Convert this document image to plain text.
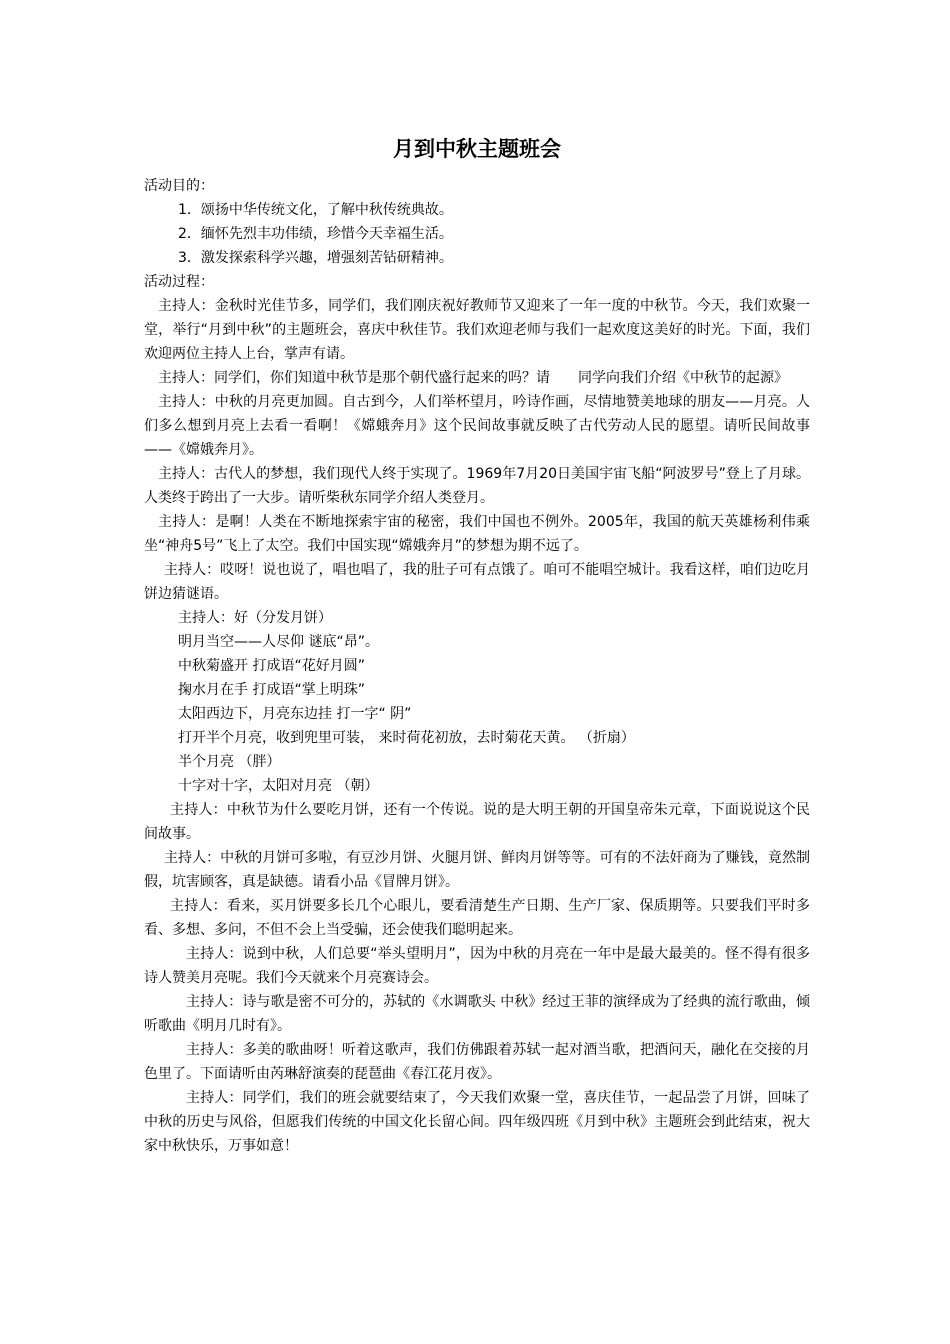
月到中秋主题班会

活动目的：

1．颂扬中华传统文化，了解中秋传统典故。

2．缅怀先烈丰功伟绩，珍惜今天幸福生活。

3．激发探索科学兴趣，增强刻苦钻研精神。

活动过程：

主持人：金秋时光佳节多，同学们，我们刚庆祝好教师节又迎来了一年一度的中秋节。今天，我们欢聚一堂，举行“月到中秋”的主题班会，喜庆中秋佳节。我们欢迎老师与我们一起欢度这美好的时光。下面，我们欢迎两位主持人上台，掌声有请。

主持人：同学们，你们知道中秋节是那个朝代盛行起来的吗？请　　同学向我们介绍《中秋节的起源》

主持人：中秋的月亮更加圆。自古到今，人们举杯望月，吟诗作画，尽情地赞美地球的朋友——月亮。人们多么想到月亮上去看一看啊！《嫦蛾奔月》这个民间故事就反映了古代劳动人民的愿望。请听民间故事——《嫦娥奔月》。

主持人：古代人的梦想，我们现代人终于实现了。1969年7月20日美国宇宙飞船“阿波罗号”登上了月球。人类终于跨出了一大步。请听柴秋东同学介绍人类登月。

主持人：是啊！人类在不断地探索宇宙的秘密，我们中国也不例外。2005年，我国的航天英雄杨利伟乘坐“神舟5号”飞上了太空。我们中国实现“嫦娥奔月”的梦想为期不远了。

主持人：哎呀！说也说了，唱也唱了，我的肚子可有点饿了。咱可不能唱空城计。我看这样，咱们边吃月饼边猜谜语。

主持人：好（分发月饼）

明月当空——人尽仰 谜底“昂”。

中秋菊盛开 打成语“花好月圆”

掬水月在手 打成语“掌上明珠”

太阳西边下，月亮东边挂 打一字“ 阴”

打开半个月亮，收到兜里可装， 来时荷花初放，去时菊花天黄。 （折扇）

半个月亮 （胖）

十字对十字，太阳对月亮 （朝）

主持人：中秋节为什么要吃月饼，还有一个传说。说的是大明王朝的开国皇帝朱元章，下面说说这个民间故事。

主持人：中秋的月饼可多啦，有豆沙月饼、火腿月饼、鲜肉月饼等等。可有的不法奸商为了赚钱，竟然制假，坑害顾客，真是缺德。请看小品《冒牌月饼》。

主持人：看来，买月饼要多长几个心眼儿，要看清楚生产日期、生产厂家、保质期等。只要我们平时多看、多想、多问，不但不会上当受骗，还会使我们聪明起来。

主持人：说到中秋，人们总要“举头望明月”，因为中秋的月亮在一年中是最大最美的。怪不得有很多诗人赞美月亮呢。我们今天就来个月亮赛诗会。

主持人：诗与歌是密不可分的，苏轼的《水调歌头 中秋》经过王菲的演绎成为了经典的流行歌曲，倾听歌曲《明月几时有》。

主持人：多美的歌曲呀！听着这歌声，我们仿佛跟着苏轼一起对酒当歌，把酒问天，融化在交接的月色里了。下面请听由芮琳舒演奏的琵琶曲《春江花月夜》。

主持人：同学们，我们的班会就要结束了，今天我们欢聚一堂，喜庆佳节，一起品尝了月饼，回味了中秋的历史与风俗，但愿我们传统的中国文化长留心间。四年级四班《月到中秋》主题班会到此结束，祝大家中秋快乐，万事如意！
